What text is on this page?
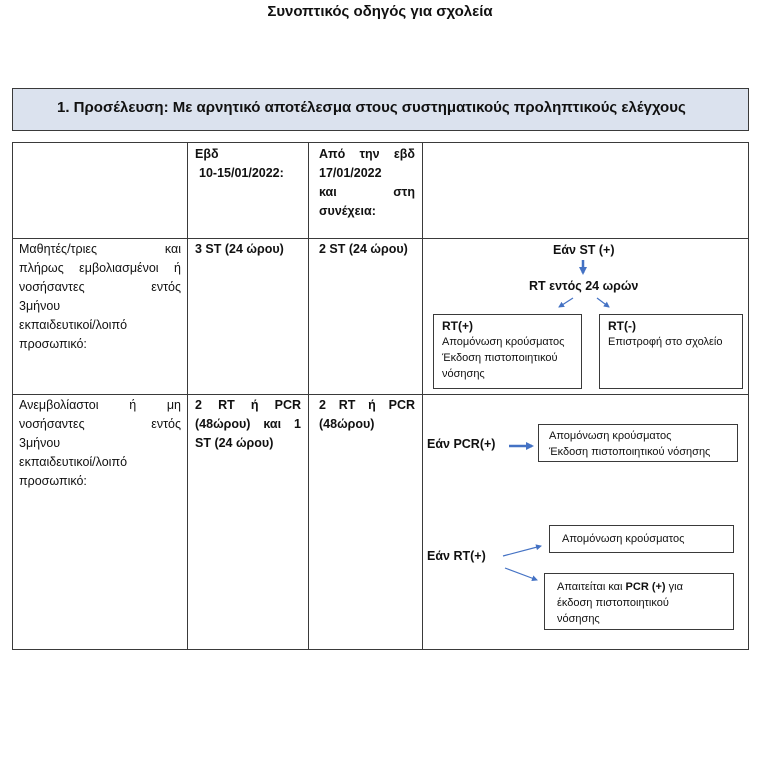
Συνοπτικός οδηγός για σχολεία
1. Προσέλευση: Με αρνητικό αποτέλεσμα στους συστηματικούς προληπτικούς ελέγχους
Εβδ
10-15/01/2022:
Από την εβδ
17/01/2022
και στη
συνέχεια:
Μαθητές/τριες και
πλήρως εμβολιασμένοι ή
νοσήσαντες εντός
3μήνου
εκπαιδευτικοί/λοιπό
προσωπικό:
3 ST (24 ώρου)	2 ST (24 ώρου)	Εάν ST (+)
RT εντός 24 ωρών
RT(+)
Απομόνωση κρούσματος
Έκδοση πιστοποιητικού
νόσησης
RT(-)
Επιστροφή στο σχολείο
Ανεμβολίαστοι ή μη
νοσήσαντες εντός
3μήνου
εκπαιδευτικοί/λοιπό
προσωπικό:
2 RT ή PCR
(48ώρου) και 1
ST (24 ώρου)
2 RT ή PCR
(48ώρου)
Εάν PCR(+)
Απομόνωση κρούσματος
Έκδοση πιστοποιητικού νόσησης
Εάν RT(+)
Απομόνωση κρούσματος
Απαιτείται και PCR (+) για
έκδοση πιστοποιητικού
νόσησης
